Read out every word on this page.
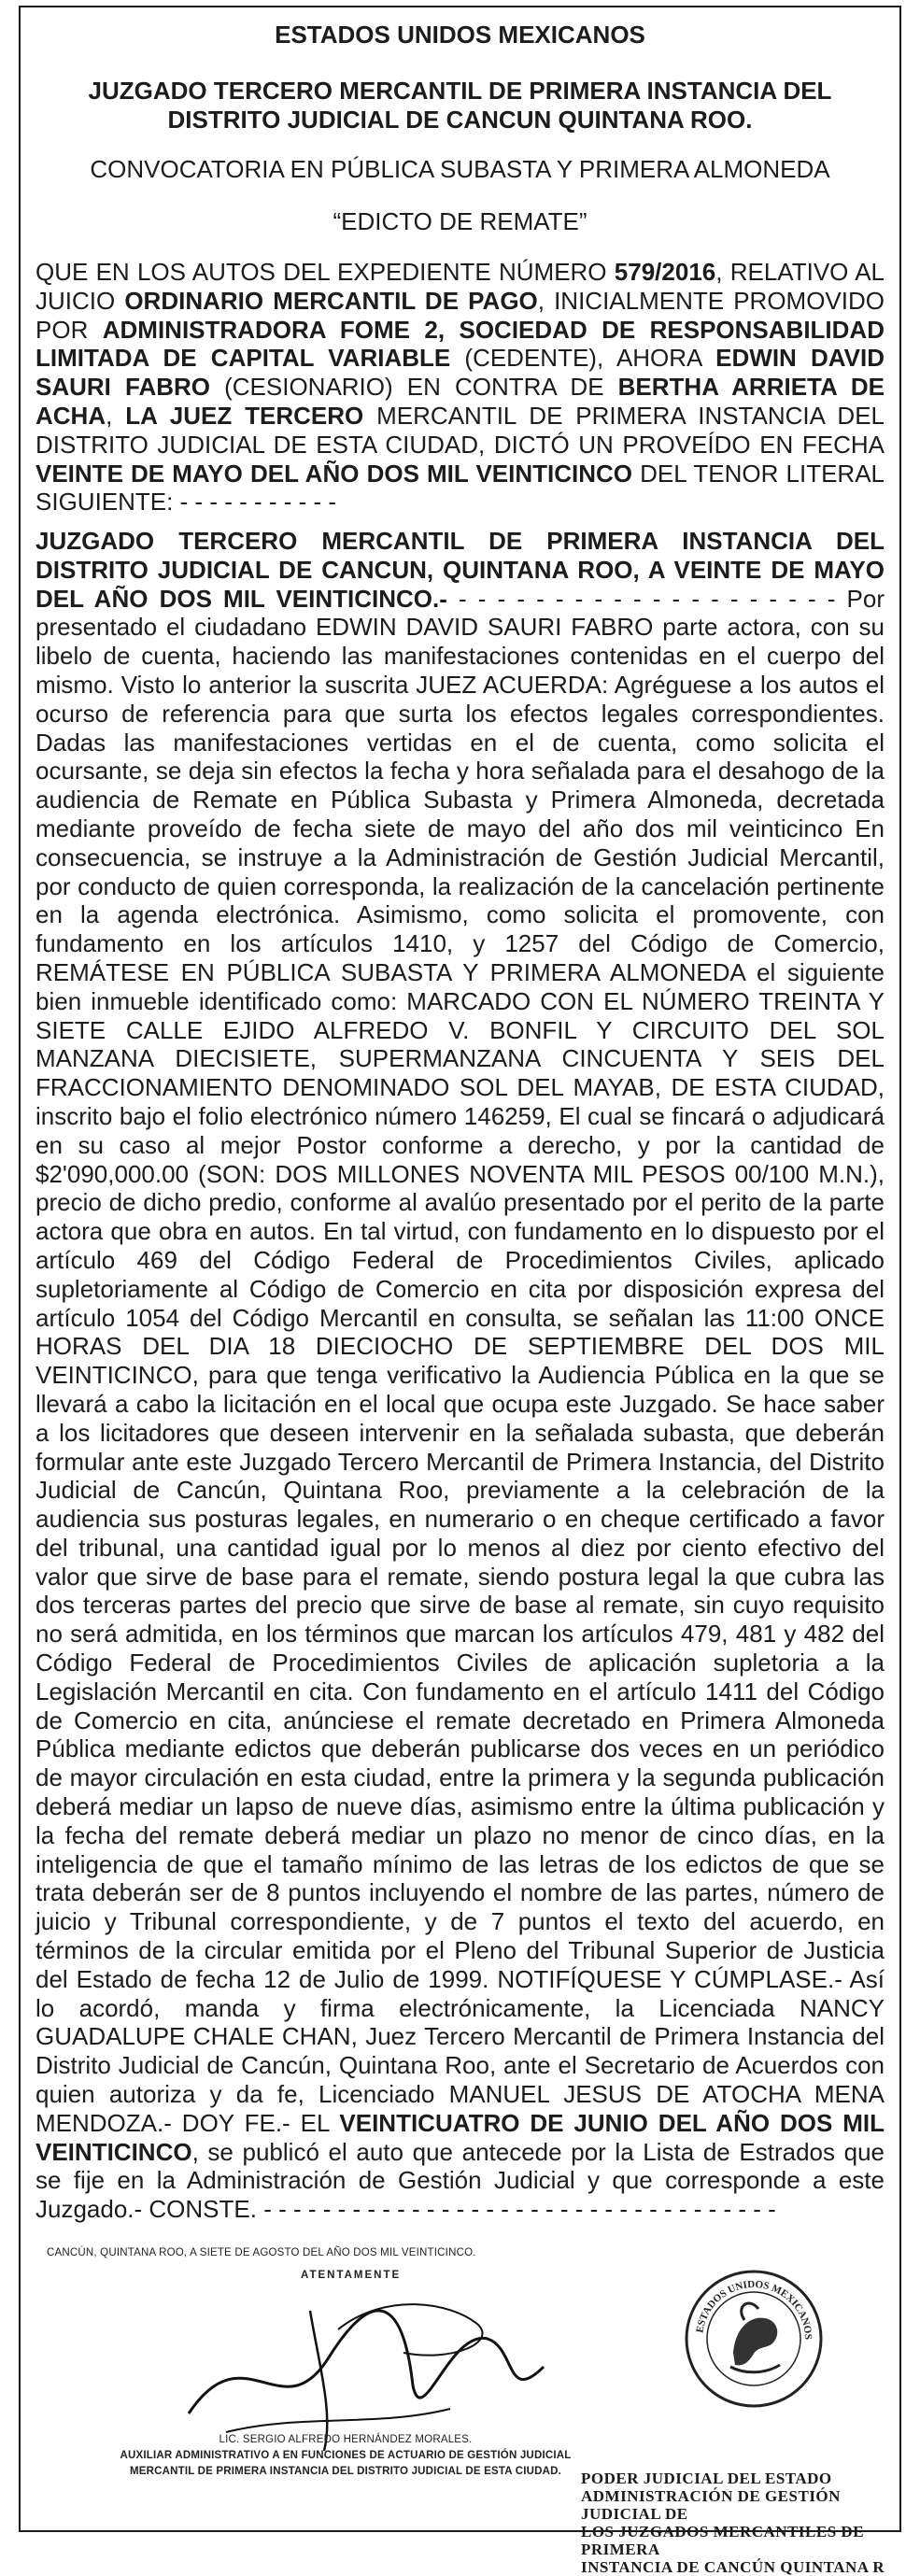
ESTADOS UNIDOS MEXICANOS

JUZGADO TERCERO MERCANTIL DE PRIMERA INSTANCIA DEL
DISTRITO JUDICIAL DE CANCUN QUINTANA ROO.

CONVOCATORIA EN PÚBLICA SUBASTA Y PRIMERA ALMONEDA

“EDICTO DE REMATE”

QUE EN LOS AUTOS DEL EXPEDIENTE NÚMERO 579/2016, RELATIVO AL JUICIO ORDINARIO MERCANTIL DE PAGO, INICIALMENTE PROMOVIDO POR ADMINISTRADORA FOME 2, SOCIEDAD DE RESPONSABILIDAD LIMITADA DE CAPITAL VARIABLE (CEDENTE), AHORA EDWIN DAVID SAURI FABRO (CESIONARIO) EN CONTRA DE BERTHA ARRIETA DE ACHA, LA JUEZ TERCERO MERCANTIL DE PRIMERA INSTANCIA DEL DISTRITO JUDICIAL DE ESTA CIUDAD, DICTÓ UN PROVEÍDO EN FECHA VEINTE DE MAYO DEL AÑO DOS MIL VEINTICINCO DEL TENOR LITERAL SIGUIENTE: - - - - - - - - - - -

JUZGADO TERCERO MERCANTIL DE PRIMERA INSTANCIA DEL DISTRITO JUDICIAL DE CANCUN, QUINTANA ROO, A VEINTE DE MAYO DEL AÑO DOS MIL VEINTICINCO.- - - - - - - - - - - - - - - - - - - - - Por presentado el ciudadano EDWIN DAVID SAURI FABRO parte actora, con su libelo de cuenta, haciendo las manifestaciones contenidas en el cuerpo del mismo. Visto lo anterior la suscrita JUEZ ACUERDA: Agréguese a los autos el ocurso de referencia para que surta los efectos legales correspondientes. Dadas las manifestaciones vertidas en el de cuenta, como solicita el ocursante, se deja sin efectos la fecha y hora señalada para el desahogo de la audiencia de Remate en Pública Subasta y Primera Almoneda, decretada mediante proveído de fecha siete de mayo del año dos mil veinticinco En consecuencia, se instruye a la Administración de Gestión Judicial Mercantil, por conducto de quien corresponda, la realización de la cancelación pertinente en la agenda electrónica. Asimismo, como solicita el promovente, con fundamento en los artículos 1410, y 1257 del Código de Comercio, REMÁTESE EN PÚBLICA SUBASTA Y PRIMERA ALMONEDA el siguiente bien inmueble identificado como: MARCADO CON EL NÚMERO TREINTA Y SIETE CALLE EJIDO ALFREDO V. BONFIL Y CIRCUITO DEL SOL MANZANA DIECISIETE, SUPERMANZANA CINCUENTA Y SEIS DEL FRACCIONAMIENTO DENOMINADO SOL DEL MAYAB, DE ESTA CIUDAD, inscrito bajo el folio electrónico número 146259, El cual se fincará o adjudicará en su caso al mejor Postor conforme a derecho, y por la cantidad de $2'090,000.00 (SON: DOS MILLONES NOVENTA MIL PESOS 00/100 M.N.), precio de dicho predio, conforme al avalúo presentado por el perito de la parte actora que obra en autos. En tal virtud, con fundamento en lo dispuesto por el artículo 469 del Código Federal de Procedimientos Civiles, aplicado supletoriamente al Código de Comercio en cita por disposición expresa del artículo 1054 del Código Mercantil en consulta, se señalan las 11:00 ONCE HORAS DEL DIA 18 DIECIOCHO DE SEPTIEMBRE DEL DOS MIL VEINTICINCO, para que tenga verificativo la Audiencia Pública en la que se llevará a cabo la licitación en el local que ocupa este Juzgado. Se hace saber a los licitadores que deseen intervenir en la señalada subasta, que deberán formular ante este Juzgado Tercero Mercantil de Primera Instancia, del Distrito Judicial de Cancún, Quintana Roo, previamente a la celebración de la audiencia sus posturas legales, en numerario o en cheque certificado a favor del tribunal, una cantidad igual por lo menos al diez por ciento efectivo del valor que sirve de base para el remate, siendo postura legal la que cubra las dos terceras partes del precio que sirve de base al remate, sin cuyo requisito no será admitida, en los términos que marcan los artículos 479, 481 y 482 del Código Federal de Procedimientos Civiles de aplicación supletoria a la Legislación Mercantil en cita. Con fundamento en el artículo 1411 del Código de Comercio en cita, anúnciese el remate decretado en Primera Almoneda Pública mediante edictos que deberán publicarse dos veces en un periódico de mayor circulación en esta ciudad, entre la primera y la segunda publicación deberá mediar un lapso de nueve días, asimismo entre la última publicación y la fecha del remate deberá mediar un plazo no menor de cinco días, en la inteligencia de que el tamaño mínimo de las letras de los edictos de que se trata deberán ser de 8 puntos incluyendo el nombre de las partes, número de juicio y Tribunal correspondiente, y de 7 puntos el texto del acuerdo, en términos de la circular emitida por el Pleno del Tribunal Superior de Justicia del Estado de fecha 12 de Julio de 1999. NOTIFÍQUESE Y CÚMPLASE.- Así lo acordó, manda y firma electrónicamente, la Licenciada NANCY GUADALUPE CHALE CHAN, Juez Tercero Mercantil de Primera Instancia del Distrito Judicial de Cancún, Quintana Roo, ante el Secretario de Acuerdos con quien autoriza y da fe, Licenciado MANUEL JESUS DE ATOCHA MENA MENDOZA.- DOY FE.- EL VEINTICUATRO DE JUNIO DEL AÑO DOS MIL VEINTICINCO, se publicó el auto que antecede por la Lista de Estrados que se fije en la Administración de Gestión Judicial y que corresponde a este Juzgado.- CONSTE. - - - - - - - - - - - - - - - - - - - - - - - - - - - - - - - - - - -

CANCÚN, QUINTANA ROO, A SIETE DE AGOSTO DEL AÑO DOS MIL VEINTICINCO.

ATENTAMENTE

LIC. SERGIO ALFREDO HERNÁNDEZ MORALES.
AUXILIAR ADMINISTRATIVO A EN FUNCIONES DE ACTUARIO DE GESTIÓN JUDICIAL
MERCANTIL DE PRIMERA INSTANCIA DEL DISTRITO JUDICIAL DE ESTA CIUDAD.
ESTADOS UNIDOS MEXICANOS
PODER JUDICIAL DEL ESTADO
ADMINISTRACIÓN DE GESTIÓN JUDICIAL DE
LOS JUZGADOS MERCANTILES DE PRIMERA
INSTANCIA DE CANCÚN QUINTANA R
